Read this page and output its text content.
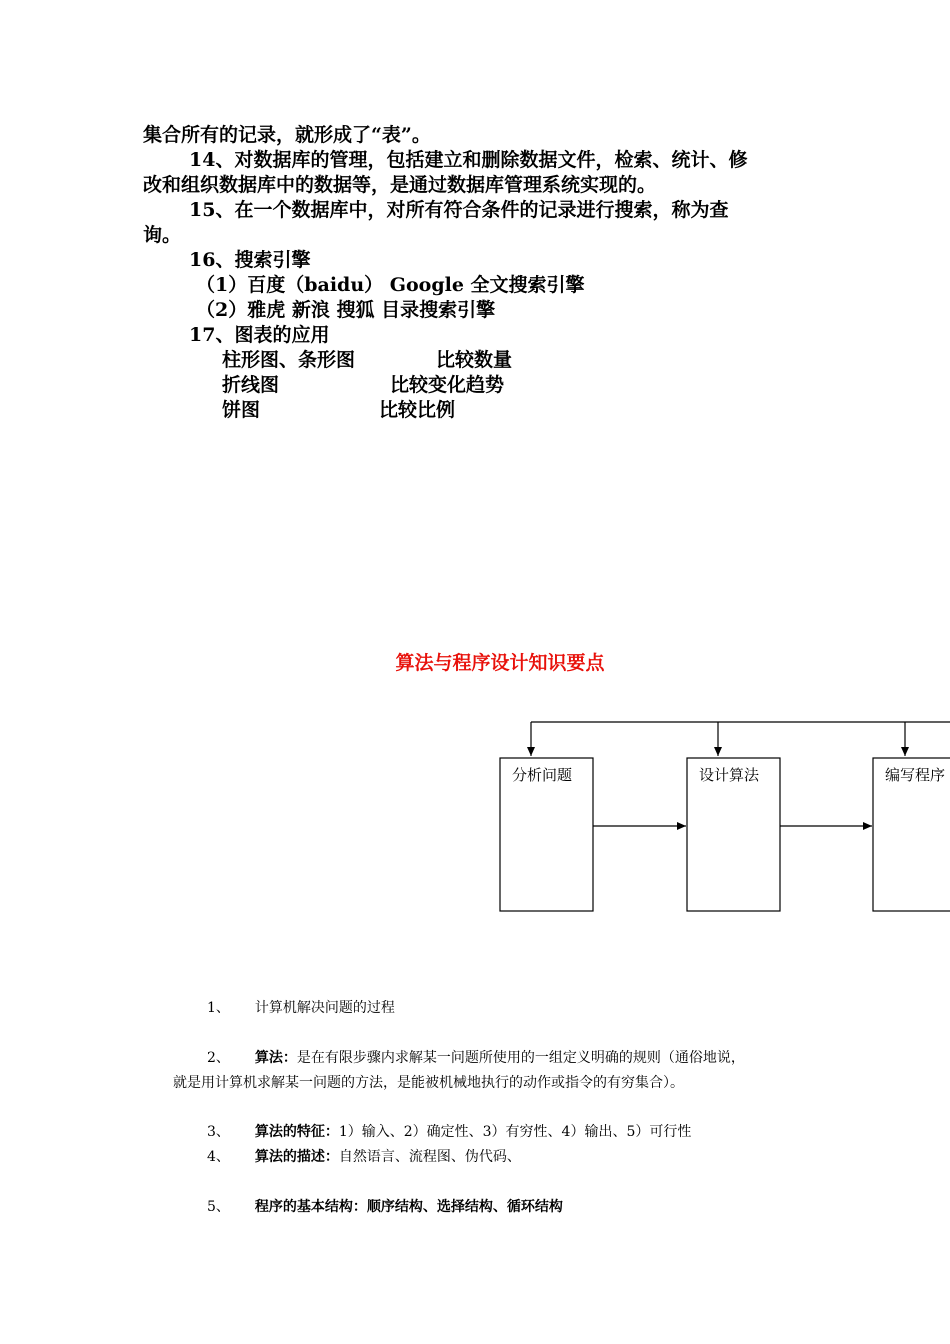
集合所有的记录，就形成了“表”。
14、对数据库的管理，包括建立和删除数据文件，检索、统计、修
改和组织数据库中的数据等，是通过数据库管理系统实现的。
15、在一个数据库中，对所有符合条件的记录进行搜索，称为查
询。
16、搜索引擎
（1）百度（baidu） Google 全文搜索引擎
（2）雅虎 新浪 搜狐 目录搜索引擎
17、图表的应用
柱形图、条形图	比较数量
折线图	比较变化趋势
饼图	比较比例
算法与程序设计知识要点
分析问题	设计算法	编写程序
1、 计算机解决问题的过程
2、 算法：是在有限步骤内求解某一问题所使用的一组定义明确的规则（通俗地说，
就是用计算机求解某一问题的方法，是能被机械地执行的动作或指令的有穷集合）。
3、 算法的特征：1）输入、2）确定性、3）有穷性、4）输出、5）可行性
4、 算法的描述：自然语言、流程图、伪代码、
5、 程序的基本结构：顺序结构、选择结构、循环结构
